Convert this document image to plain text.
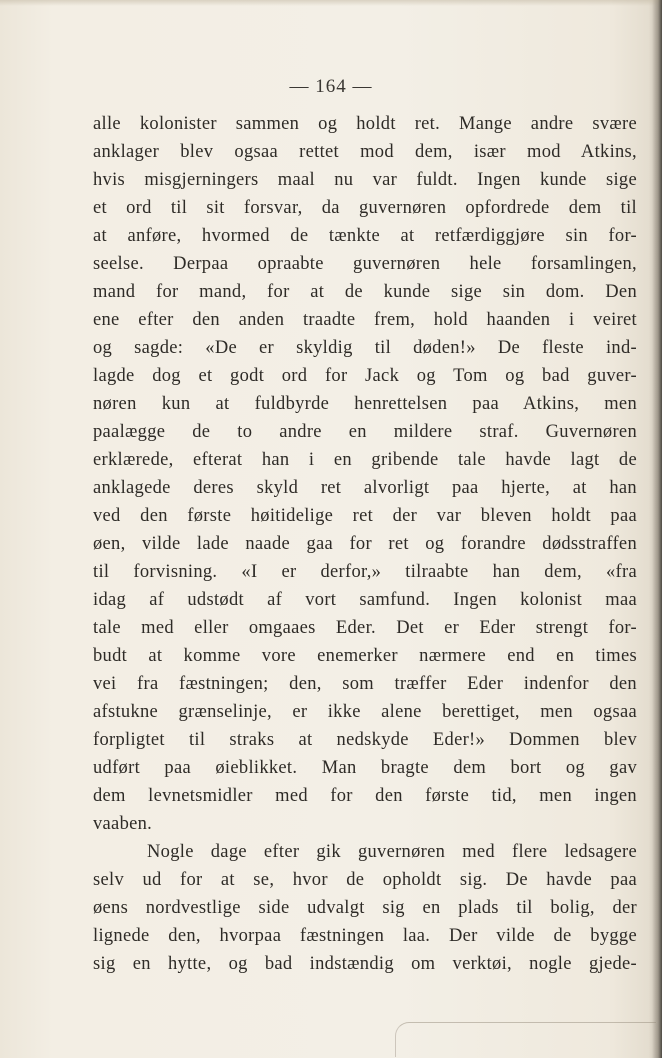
— 164 —
alle kolonister sammen og holdt ret. Mange andre svære
anklager blev ogsaa rettet mod dem, især mod Atkins,
hvis misgjerningers maal nu var fuldt. Ingen kunde sige
et ord til sit forsvar, da guvernøren opfordrede dem til
at anføre, hvormed de tænkte at retfærdiggjøre sin for-
seelse. Derpaa opraabte guvernøren hele forsamlingen,
mand for mand, for at de kunde sige sin dom. Den
ene efter den anden traadte frem, hold haanden i veiret
og sagde: «De er skyldig til døden!» De fleste ind-
lagde dog et godt ord for Jack og Tom og bad guver-
nøren kun at fuldbyrde henrettelsen paa Atkins, men
paalægge de to andre en mildere straf. Guvernøren
erklærede, efterat han i en gribende tale havde lagt de
anklagede deres skyld ret alvorligt paa hjerte, at han
ved den første høitidelige ret der var bleven holdt paa
øen, vilde lade naade gaa for ret og forandre dødsstraffen
til forvisning. «I er derfor,» tilraabte han dem, «fra
idag af udstødt af vort samfund. Ingen kolonist maa
tale med eller omgaaes Eder. Det er Eder strengt for-
budt at komme vore enemerker nærmere end en times
vei fra fæstningen; den, som træffer Eder indenfor den
afstukne grænselinje, er ikke alene berettiget, men ogsaa
forpligtet til straks at nedskyde Eder!» Dommen blev
udført paa øieblikket. Man bragte dem bort og gav
dem levnetsmidler med for den første tid, men ingen
vaaben.
Nogle dage efter gik guvernøren med flere ledsagere
selv ud for at se, hvor de opholdt sig. De havde paa
øens nordvestlige side udvalgt sig en plads til bolig, der
lignede den, hvorpaa fæstningen laa. Der vilde de bygge
sig en hytte, og bad indstændig om verktøi, nogle gjede-
